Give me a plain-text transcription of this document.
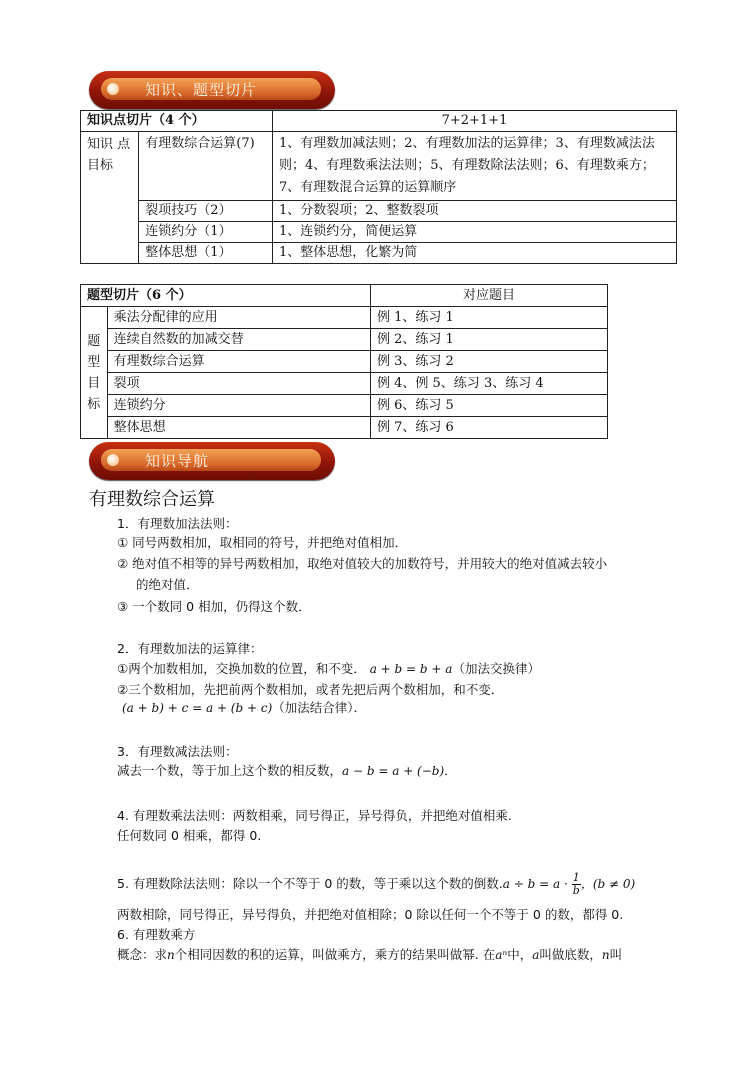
知识、题型切片
知识点切片（4 个）		7+2+1+1
知识 点
目标	有理数综合运算(7)	1、有理数加减法则；2、有理数加法的运算律；3、有理数减法法则；4、有理数乘法法则；5、有理数除法法则；6、有理数乘方；7、有理数混合运算的运算顺序
	裂项技巧（2）	1、分数裂项；2、整数裂项
	连锁约分（1）	1、连锁约分，简便运算
	整体思想（1）	1、整体思想，化繁为简
题型切片（6 个）		对应题目
题
型
目
标	乘法分配律的应用	例 1、练习 1
	连续自然数的加减交替	例 2、练习 1
	有理数综合运算	例 3、练习 2
	裂项	例 4、例 5、练习 3、练习 4
	连锁约分	例 6、练习 5
	整体思想	例 7、练习 6
知识导航
有理数综合运算
1．有理数加法法则：
① 同号两数相加，取相同的符号，并把绝对值相加．
② 绝对值不相等的异号两数相加，取绝对值较大的加数符号，并用较大的绝对值减去较小
的绝对值．
③ 一个数同 0 相加，仍得这个数．
2．有理数加法的运算律：
①两个加数相加，交换加数的位置，和不变． a + b = b + a（加法交换律）
②三个数相加，先把前两个数相加，或者先把后两个数相加，和不变．
(a + b) + c = a + (b + c)（加法结合律）．
3．有理数减法法则：
减去一个数，等于加上这个数的相反数，a − b = a + (−b)．
4. 有理数乘法法则：两数相乘，同号得正，异号得负，并把绝对值相乘.
任何数同 0 相乘，都得 0.
5. 有理数除法法则：除以一个不等于 0 的数，等于乘以这个数的倒数$.a \div b = a \cdot \frac{1}{b}$ ，(b ≠ 0)
两数相除，同号得正，异号得负，并把绝对值相除；0 除以任何一个不等于 0 的数，都得 0.
6. 有理数乘方
概念：求n个相同因数的积的运算，叫做乘方，乘方的结果叫做幂. 在aⁿ中，a叫做底数，n叫
